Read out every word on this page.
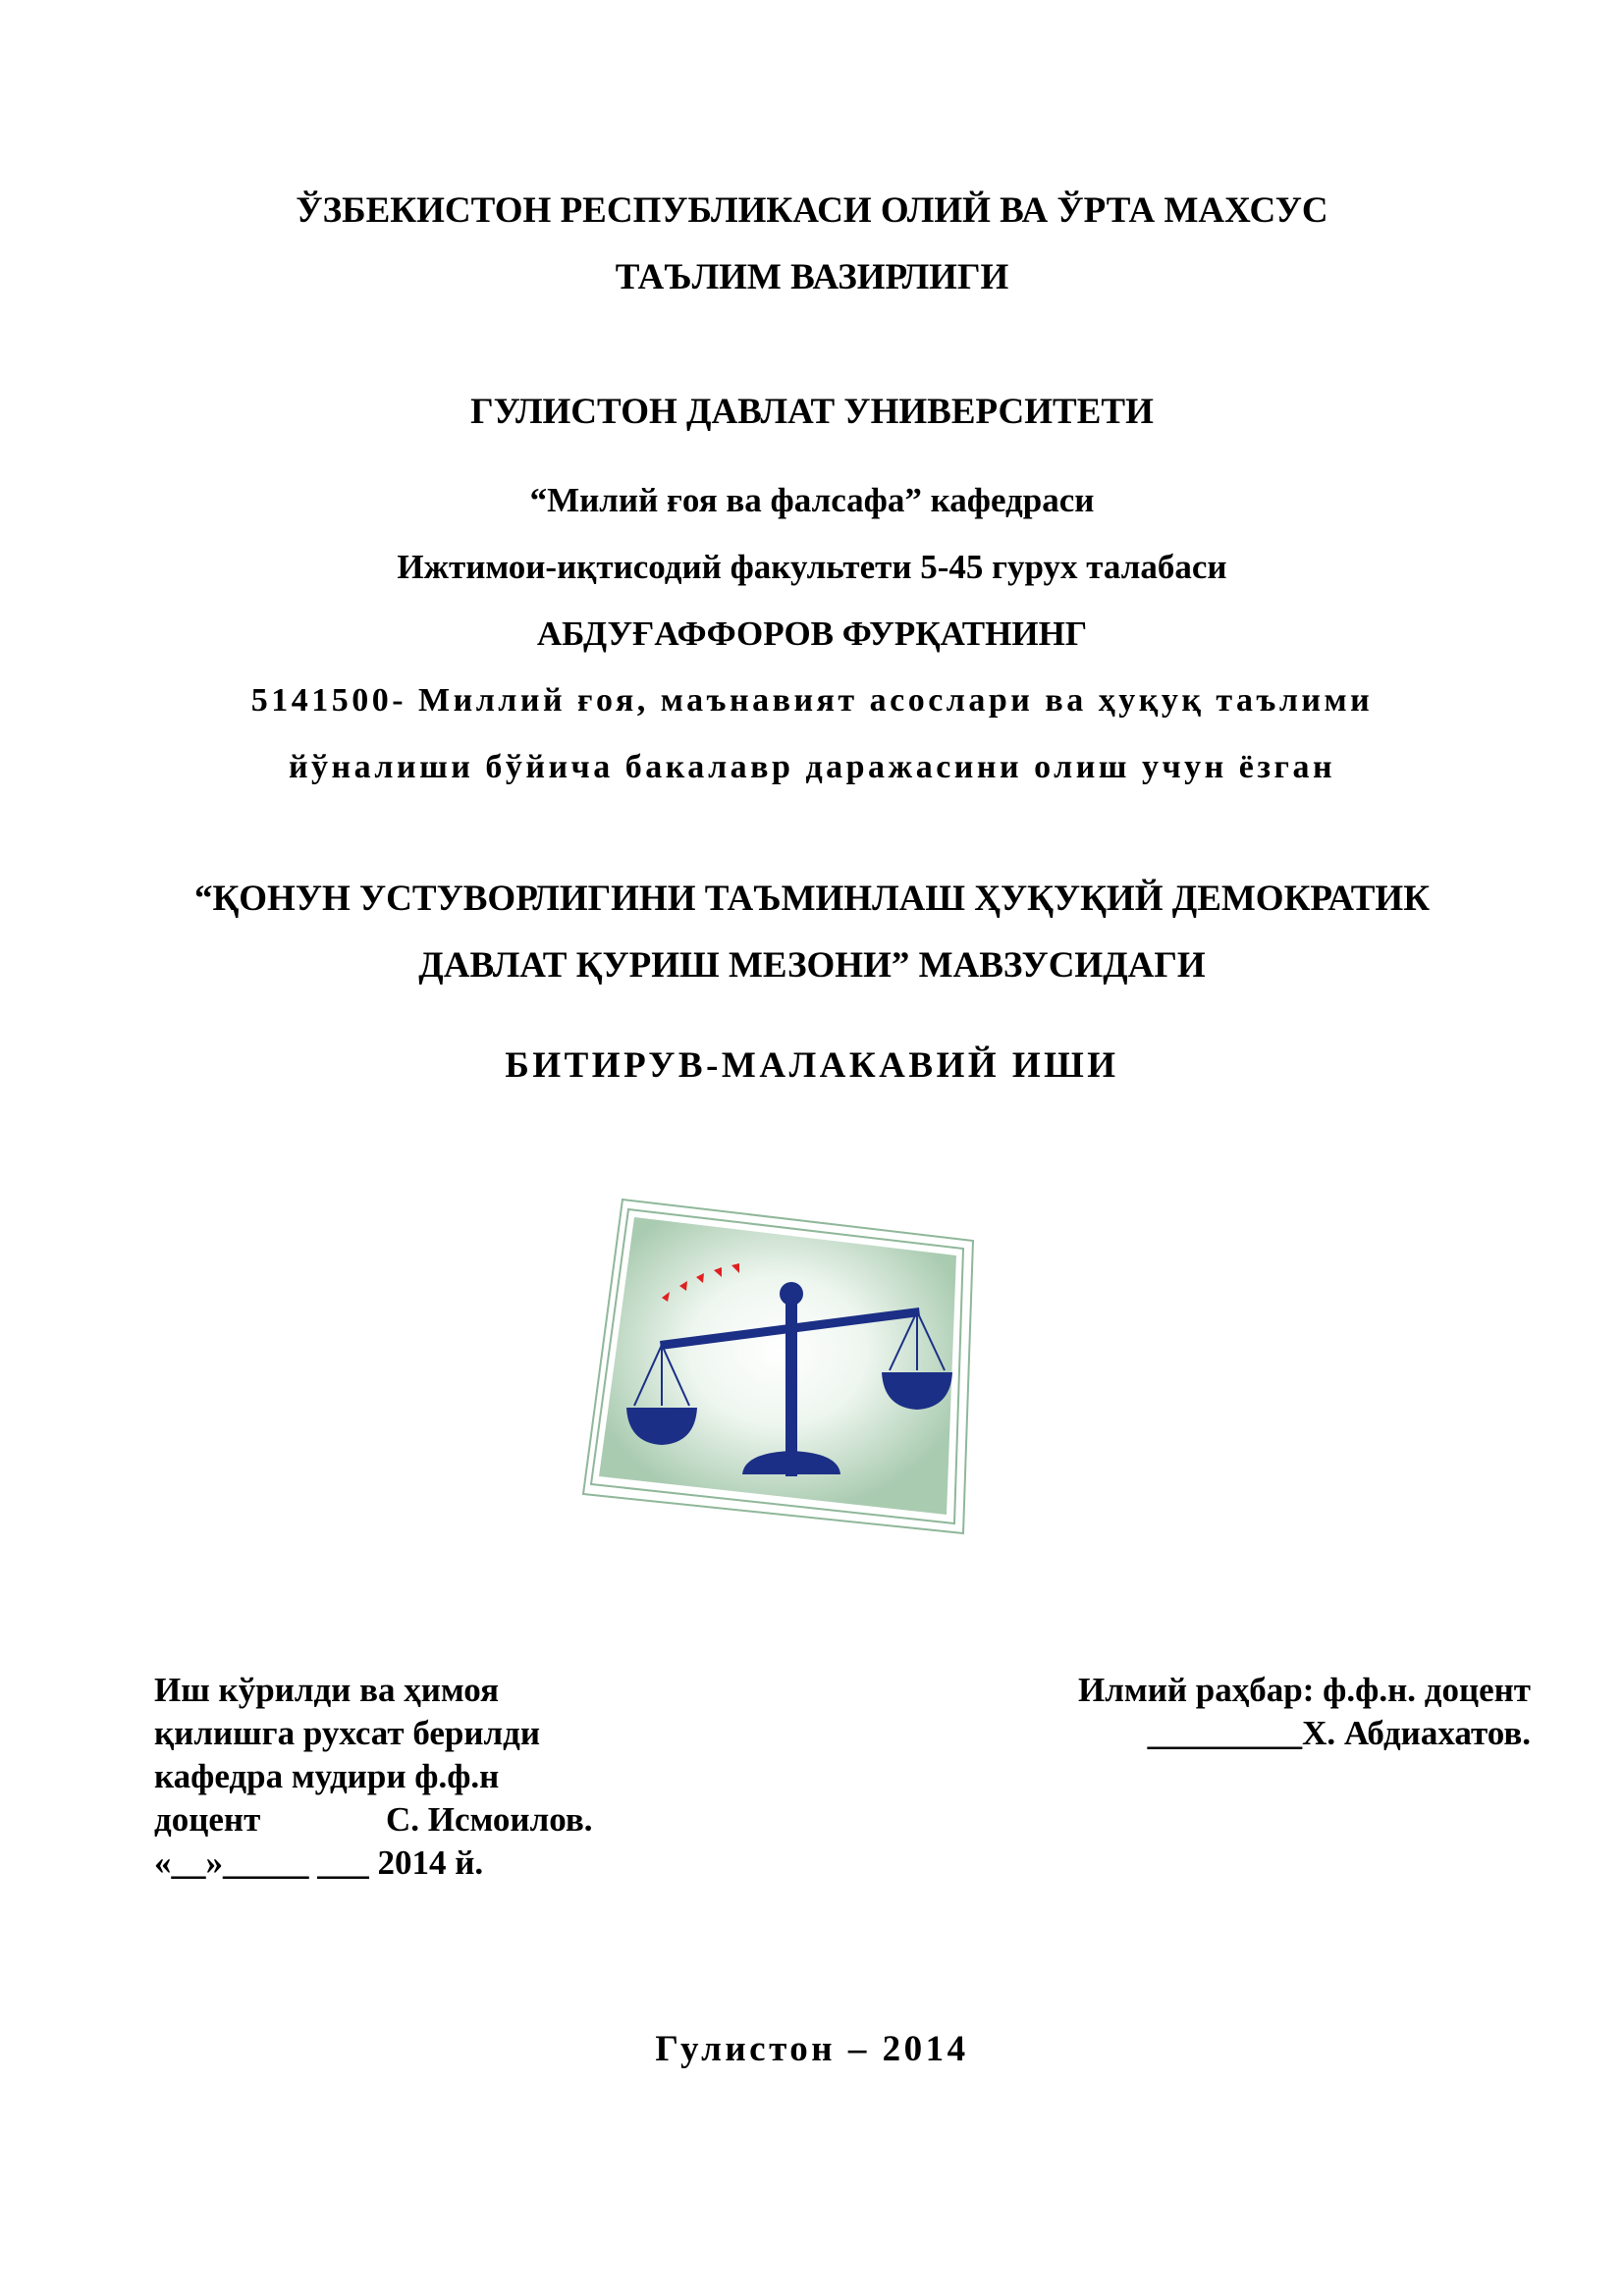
ЎЗБЕКИСТОН РЕСПУБЛИКАСИ ОЛИЙ ВА ЎРТА МАХСУС
ТАЪЛИМ ВАЗИРЛИГИ
ГУЛИСТОН ДАВЛАТ УНИВЕРСИТЕТИ
“Милий ғоя ва фалсафа” кафедраси
Ижтимои-иқтисодий факультети 5-45 гурух талабаси
АБДУҒАФФОРОВ ФУРҚАТНИНГ
5141500- Миллий ғоя, маънавият асослари ва ҳуқуқ таълими
йўналиши бўйича бакалавр даражасини олиш учун ёзган
“ҚОНУН УСТУВОРЛИГИНИ ТАЪМИНЛАШ ҲУҚУҚИЙ ДЕМОКРАТИК
ДАВЛАТ ҚУРИШ МЕЗОНИ” МАВЗУСИДАГИ
БИТИРУВ-МАЛАКАВИЙ ИШИ
Иш кўрилди ва ҳимоя
қилишга рухсат берилди
кафедра мудири ф.ф.н
доцент	С. Исмоилов.
«__»_____ ___ 2014 й.
Илмий раҳбар: ф.ф.н. доцент
_________Х. Абдиахатов.
Гулистон – 2014
